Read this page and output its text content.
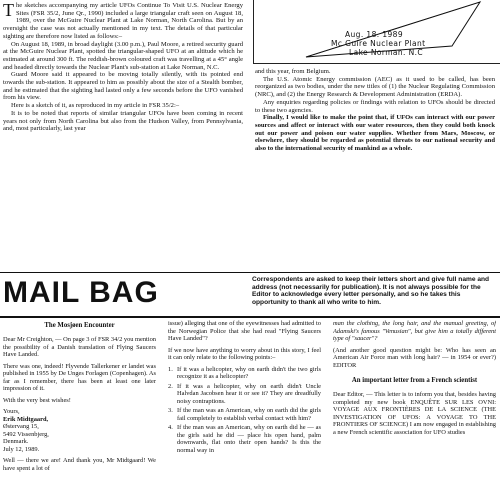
The sketches accompanying my article UFOs Continue To Visit U.S. Nuclear Energy Sites (FSR 35/2, June Qr., 1990) included a large triangular craft seen on August 18, 1989, over the McGuire Nuclear Plant at Lake Norman, North Carolina. But by an oversight the case was not actually mentioned in my text. The details of that particular sighting are therefore now listed as follows:–

On August 18, 1989, in broad daylight (3.00 p.m.), Paul Moore, a retired security guard at the McGuire Nuclear Plant, spotted the triangular-shaped UFO at an altitude which he estimated at around 300 ft. The reddish-brown coloured craft was travelling at a 45° angle and headed directly towards the Nuclear Plant's sub-station at Lake Norman, N.C.

Guard Moore said it appeared to be moving totally silently, with its pointed end towards the sub-station. It appeared to him as possibly about the size of a Stealth bomber, and he estimated that the sighting had lasted only a few seconds before the UFO vanished from his view.

Here is a sketch of it, as reproduced in my article in FSR 35/2:–

It is to be noted that reports of similar triangular UFOs have been coming in recent years not only from North Carolina but also from the Hudson Valley, from Pennsylvania, and, most particularly, last year

Aug. 18. 1989
Mc Guire Nuclear Plant
Lake Norman. N.C

and this year, from Belgium.

The U.S. Atomic Energy commission (AEC) as it used to be called, has been reorganized as two bodies, under the new titles of (1) the Nuclear Regulating Commission (NRC), and (2) the Energy Research & Development Administration (ERDA).

Any enquiries regarding policies or findings with relation to UFOs should be directed to these two agencies.

Finally, I would like to make the point that, if UFOs can interact with our power sources and affect or interact with our water resources, then they could both knock out our power and poison our water supplies. Whether from Mars, Moscow, or elsewhere, they should be regarded as potential threats to our national security and also to the international security of mankind as a whole.

MAIL BAG	Correspondents are asked to keep their letters short and give full name and address (not necessarily for publication). It is not always possible for the Editor to acknowledge every letter personally, and so he takes this opportunity to thank all who write to him.
The Mosjøen Encounter

Dear Mr Creighton, — On page 3 of FSR 34/2 you mention the possibility of a Danish translation of Flying Saucers Have Landed.

There was one, indeed! Flyvende Tallerkener er landet was published in 1955 by De Unges Forlagen (Copenhagen). As far as I remember, there has been at least one later impression of it.

With the very best wishes!

Yours,
Erik Midtgaard,
Østervang 15,
5492 Vissenbjerg,
Denmark.
July 12, 1989.

Well — there we are! And thank you, Mr Midtgaard! We have spent a lot of

issue) alleging that one of the eyewitnesses had admitted to the Norwegian Police that she had read "Flying Saucers Have Landed"?

If we now have anything to worry about in this story, I feel it can only relate to the following points:–

1. If it was a helicopter, why on earth didn't the two girls recognize it as a helicopter?
2. If it was a helicopter, why on earth didn't Uncle Halvdan Jacobsen hear it or see it? They are dreadfully noisy contraptions.
3. If the man was an American, why on earth did the girls fail completely to establish verbal contact with him?
4. If the man was an American, why on earth did he — as the girls said he did — place his open hand, palm downwards, flat onto their open hands? Is this the normal way in

man the clothing, the long hair, and the manual greeting, of Adamski's famous "Venusian", but give him a totally different type of "saucer"?

(And another good question might be: Who has seen an American Air Force man with long hair? — in 1954 or ever?) EDITOR

An important letter from a French scientist

Dear Editor, — This letter is to inform you that, besides having completed my new book ENQUÊTE SUR LES OVNI: VOYAGE AUX FRONTIÈRES DE LA SCIENCE (THE INVESTIGATION OF UFOS: A VOYAGE TO THE FRONTIERS OF SCIENCE) I am now engaged in establishing a new French scientific association for UFO studies
